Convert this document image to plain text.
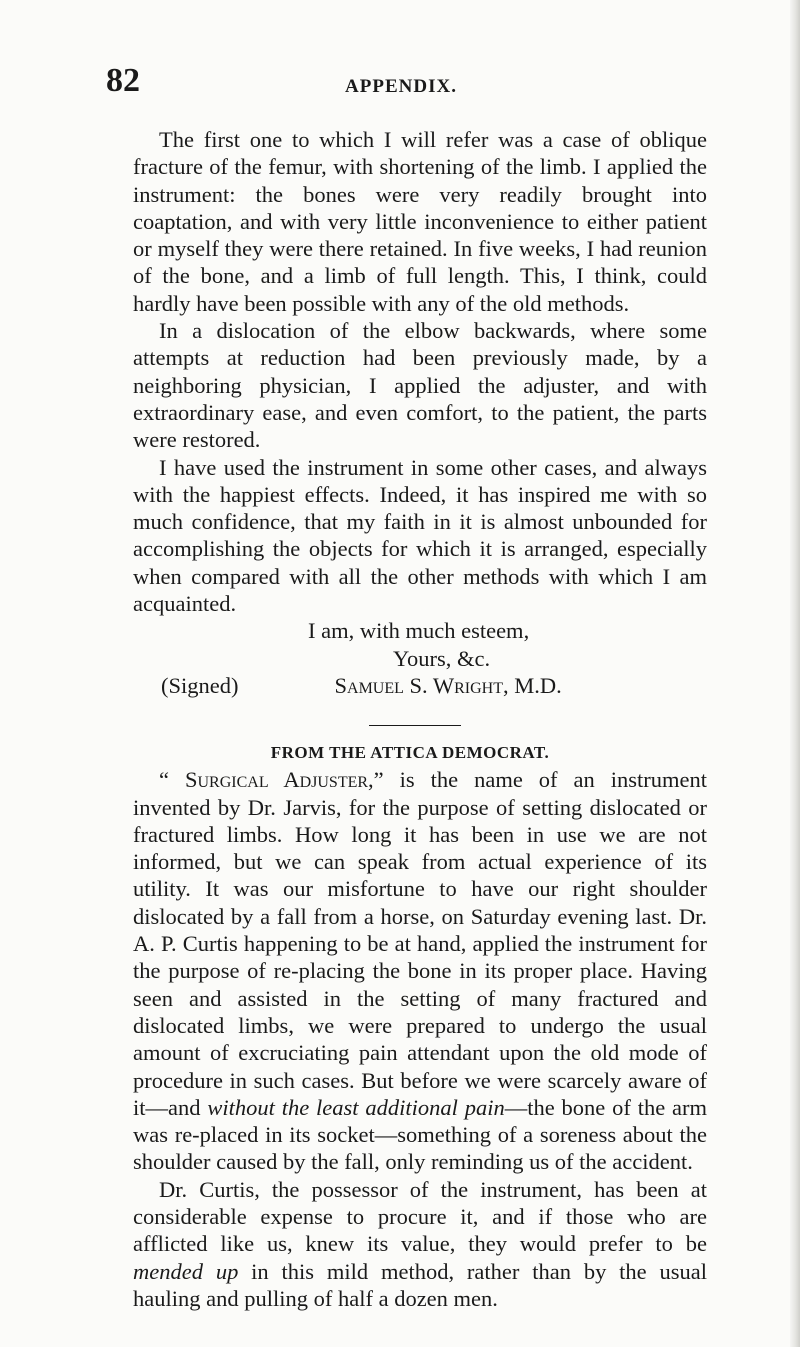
82	APPENDIX.

The first one to which I will refer was a case of oblique fracture of the femur, with shortening of the limb. I applied the instrument: the bones were very readily brought into coaptation, and with very little inconvenience to either patient or myself they were there retained. In five weeks, I had reunion of the bone, and a limb of full length. This, I think, could hardly have been possible with any of the old methods.

In a dislocation of the elbow backwards, where some attempts at reduction had been previously made, by a neighboring physician, I applied the adjuster, and with extraordinary ease, and even comfort, to the patient, the parts were restored.

I have used the instrument in some other cases, and always with the happiest effects. Indeed, it has inspired me with so much confidence, that my faith in it is almost unbounded for accomplishing the objects for which it is arranged, especially when compared with all the other methods with which I am acquainted.

I am, with much esteem,

Yours, &c.

(Signed)	Samuel S. Wright, M.D.

FROM THE ATTICA DEMOCRAT.

“ Surgical Adjuster,” is the name of an instrument invented by Dr. Jarvis, for the purpose of setting dislocated or fractured limbs. How long it has been in use we are not informed, but we can speak from actual experience of its utility. It was our misfortune to have our right shoulder dislocated by a fall from a horse, on Saturday evening last. Dr. A. P. Curtis happening to be at hand, applied the instrument for the purpose of re-placing the bone in its proper place. Having seen and assisted in the setting of many fractured and dislocated limbs, we were prepared to undergo the usual amount of excruciating pain attendant upon the old mode of procedure in such cases. But before we were scarcely aware of it—and without the least additional pain—the bone of the arm was re-placed in its socket—something of a soreness about the shoulder caused by the fall, only reminding us of the accident.

Dr. Curtis, the possessor of the instrument, has been at considerable expense to procure it, and if those who are afflicted like us, knew its value, they would prefer to be mended up in this mild method, rather than by the usual hauling and pulling of half a dozen men.
